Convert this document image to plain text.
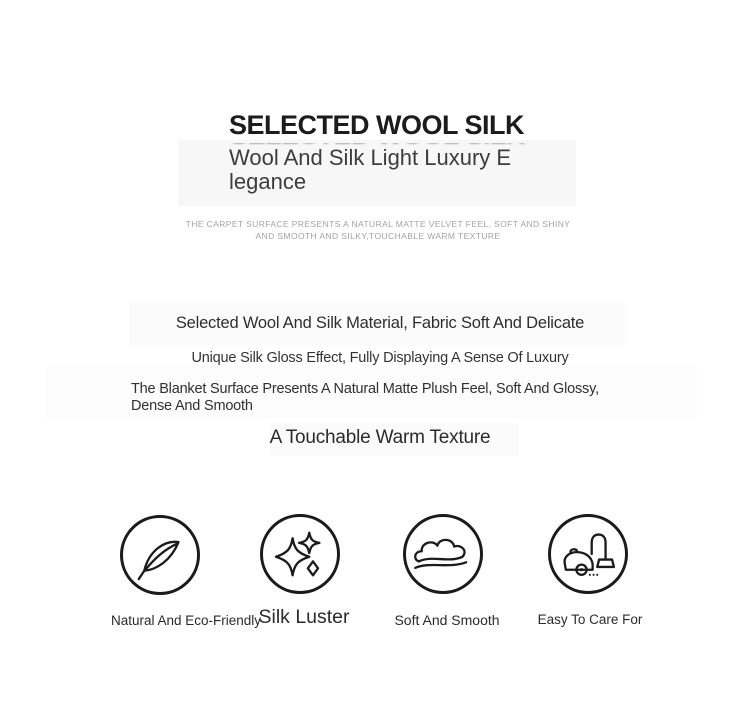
SELECTED WOOL SILK
Wool And Silk Light Luxury E
legance
THE CARPET SURFACE PRESENTS A NATURAL MATTE VELVET FEEL, SOFT AND SHINY
AND SMOOTH AND SILKY,TOUCHABLE WARM TEXTURE
Selected Wool And Silk Material, Fabric Soft And Delicate
Unique Silk Gloss Effect, Fully Displaying A Sense Of Luxury
The Blanket Surface Presents A Natural Matte Plush Feel, Soft And Glossy,
Dense And Smooth
A Touchable Warm Texture
Natural And Eco-Friendly
Silk Luster	Soft And Smooth	Easy To Care For
